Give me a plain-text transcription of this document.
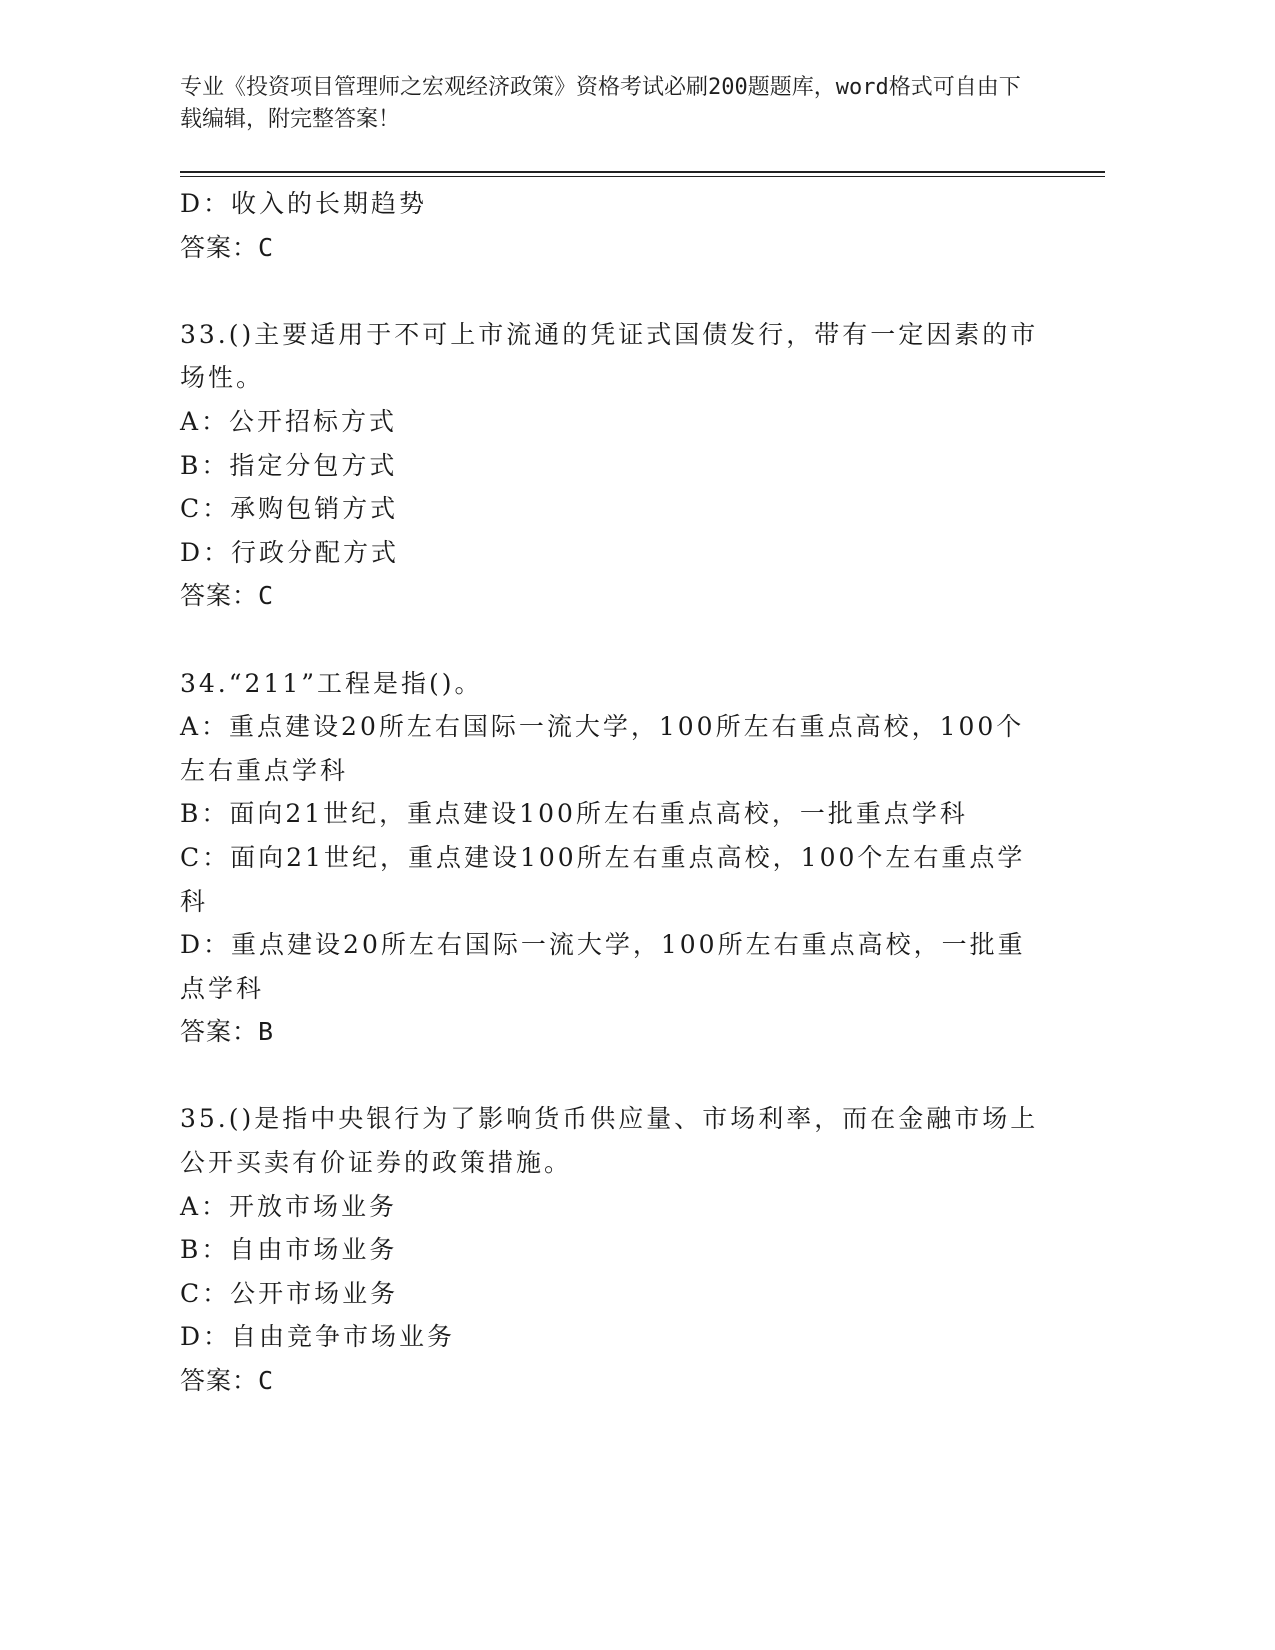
专业《投资项目管理师之宏观经济政策》资格考试必刷200题题库，word格式可自由下载编辑，附完整答案！

D：收入的长期趋势

答案：C

33.()主要适用于不可上市流通的凭证式国债发行，带有一定因素的市场性。

A：公开招标方式

B：指定分包方式

C：承购包销方式

D：行政分配方式

答案：C

34.“211”工程是指()。

A：重点建设20所左右国际一流大学，100所左右重点高校，100个左右重点学科

B：面向21世纪，重点建设100所左右重点高校，一批重点学科

C：面向21世纪，重点建设100所左右重点高校，100个左右重点学科

D：重点建设20所左右国际一流大学，100所左右重点高校，一批重点学科

答案：B

35.()是指中央银行为了影响货币供应量、市场利率，而在金融市场上公开买卖有价证券的政策措施。

A：开放市场业务

B：自由市场业务

C：公开市场业务

D：自由竞争市场业务

答案：C
